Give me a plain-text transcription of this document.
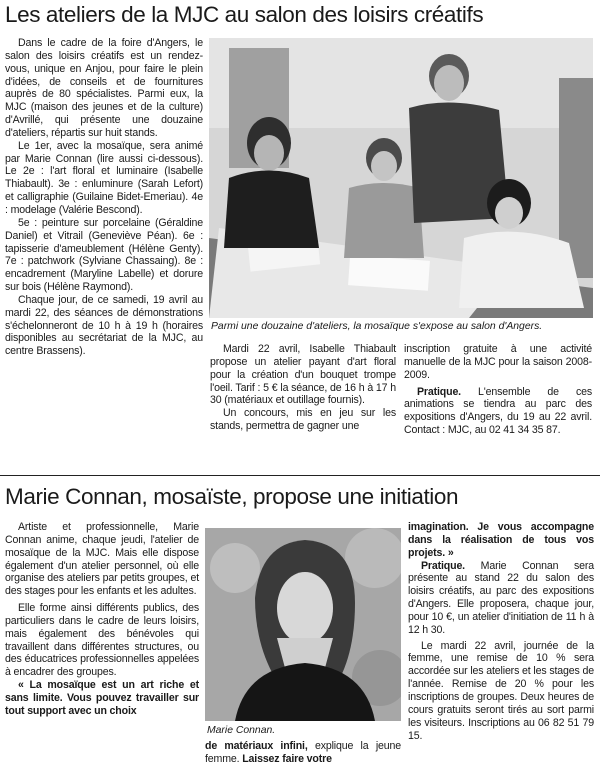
Les ateliers de la MJC au salon des loisirs créatifs

Dans le cadre de la foire d'Angers, le salon des loisirs créatifs est un rendez-vous, unique en Anjou, pour faire le plein d'idées, de conseils et de fournitures auprès de 80 spécialistes. Parmi eux, la MJC (maison des jeunes et de la culture) d'Avrillé, qui présente une douzaine d'ateliers, répartis sur huit stands.

Le 1er, avec la mosaïque, sera animé par Marie Connan (lire aussi ci-dessous). Le 2e : l'art floral et luminaire (Isabelle Thiabault). 3e : enluminure (Sarah Lefort) et calligraphie (Guilaine Bidet-Emeriau). 4e : modelage (Valérie Bescond).

5e : peinture sur porcelaine (Géraldine Daniel) et Vitrail (Geneviève Péan). 6e : tapisserie d'ameublement (Hélène Genty). 7e : patchwork (Sylviane Chassaing). 8e : encadrement (Maryline Labelle) et dorure sur bois (Hélène Raymond).

Chaque jour, de ce samedi, 19 avril au mardi 22, des séances de démonstrations s'échelonneront de 10 h à 19 h (horaires disponibles au secrétariat de la MJC, au centre Brassens).

Parmi une douzaine d'ateliers, la mosaïque s'expose au salon d'Angers.

Mardi 22 avril, Isabelle Thiabault propose un atelier payant d'art floral pour la création d'un bouquet trompe l'oeil. Tarif : 5 € la séance, de 16 h à 17 h 30 (matériaux et outillage fournis).

Un concours, mis en jeu sur les stands, permettra de gagner une

inscription gratuite à une activité manuelle de la MJC pour la saison 2008-2009.

Pratique. L'ensemble de ces animations se tiendra au parc des expositions d'Angers, du 19 au 22 avril. Contact : MJC, au 02 41 34 35 87.

Marie Connan, mosaïste, propose une initiation

Artiste et professionnelle, Marie Connan anime, chaque jeudi, l'atelier de mosaïque de la MJC. Mais elle dispose également d'un atelier personnel, où elle organise des ateliers par petits groupes, et des stages pour les enfants et les adultes.

Elle forme ainsi différents publics, des particuliers dans le cadre de leurs loisirs, mais également des bénévoles qui travaillent dans différentes structures, ou des éducatrices professionnelles appelées à encadrer des groupes.

« La mosaïque est un art riche et sans limite. Vous pouvez travailler sur tout support avec un choix

Marie Connan.

de matériaux infini, explique la jeune femme. Laissez faire votre

imagination. Je vous accompagne dans la réalisation de tous vos projets. »

Pratique. Marie Connan sera présente au stand 22 du salon des loisirs créatifs, au parc des expositions d'Angers. Elle proposera, chaque jour, pour 10 €, un atelier d'initiation de 11 h à 12 h 30.

Le mardi 22 avril, journée de la femme, une remise de 10 % sera accordée sur les ateliers et les stages de l'année. Remise de 20 % pour les inscriptions de groupes. Deux heures de cours gratuits seront tirés au sort parmi les visiteurs. Inscriptions au 06 82 51 79 15.
